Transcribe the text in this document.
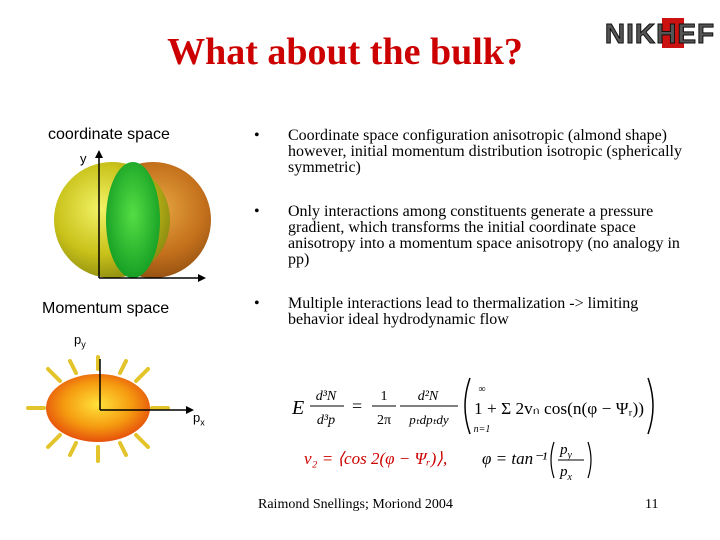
What about the bulk?	NIKHEF
coordinate space
y
Momentum space
$p_y$
$p_x$
•	Coordinate space configuration anisotropic (almond shape) however, initial momentum distribution isotropic (spherically symmetric)
•	Only interactions among constituents generate a pressure gradient, which transforms the initial coordinate space anisotropy into a momentum space anisotropy (no analogy in pp)
•	Multiple interactions lead to thermalization -> limiting behavior ideal hydrodynamic flow
E
d³N
d³p
= 1
2π
d²N
pₜdpₜdy
∞
n=1
1 + Σ 2vₙ cos(n(φ − Ψᵣ))
v₂ = ⟨cos 2(φ − Ψᵣ)⟩, φ = tan⁻¹ $p_y$
$p_x$
Raimond Snellings; Moriond 2004	11
